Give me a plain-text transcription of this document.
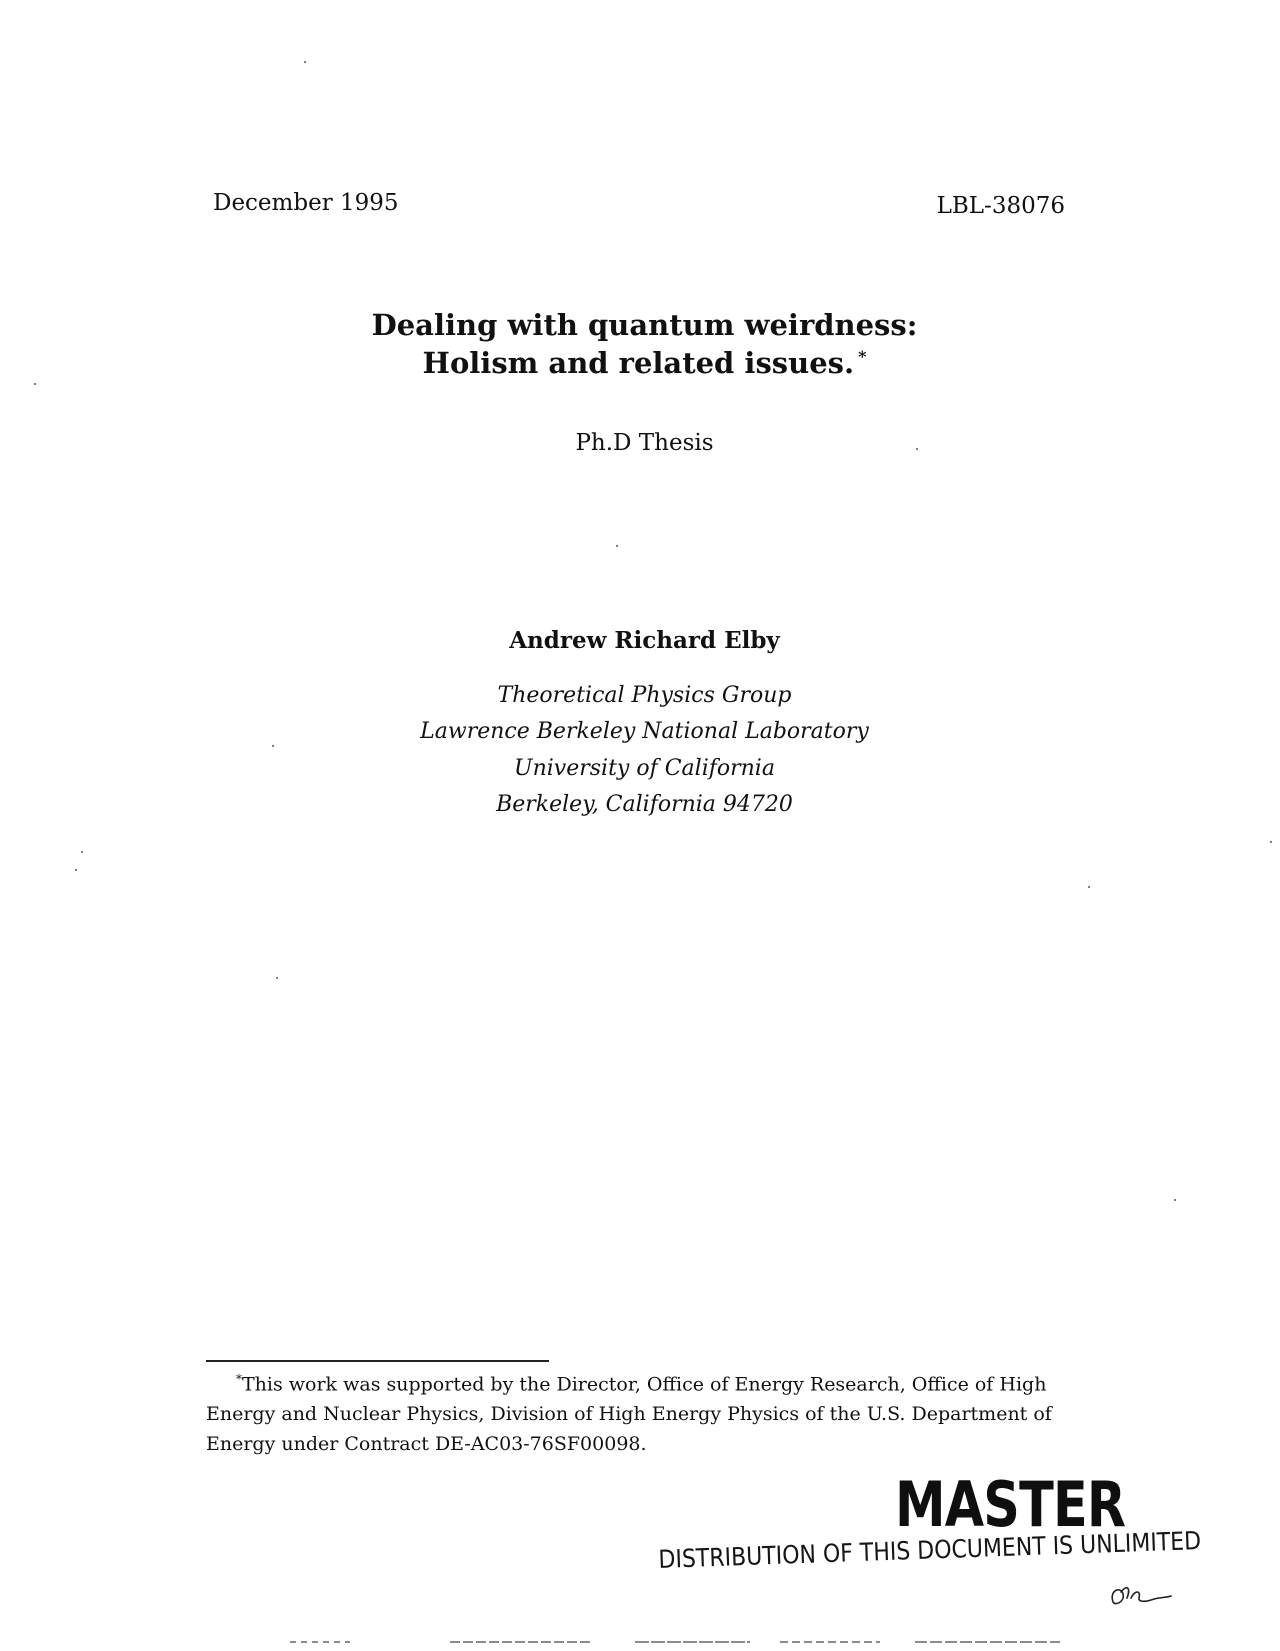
December 1995	LBL-38076
Dealing with quantum weirdness:
Holism and related issues. *
Ph.D Thesis
Andrew Richard Elby
Theoretical Physics Group
Lawrence Berkeley National Laboratory
University of California
Berkeley, California 94720
*This work was supported by the Director, Office of Energy Research, Office of High Energy and Nuclear Physics, Division of High Energy Physics of the U.S. Department of Energy under Contract DE-AC03-76SF00098.
MASTER
DISTRIBUTION OF THIS DOCUMENT IS UNLIMITED
